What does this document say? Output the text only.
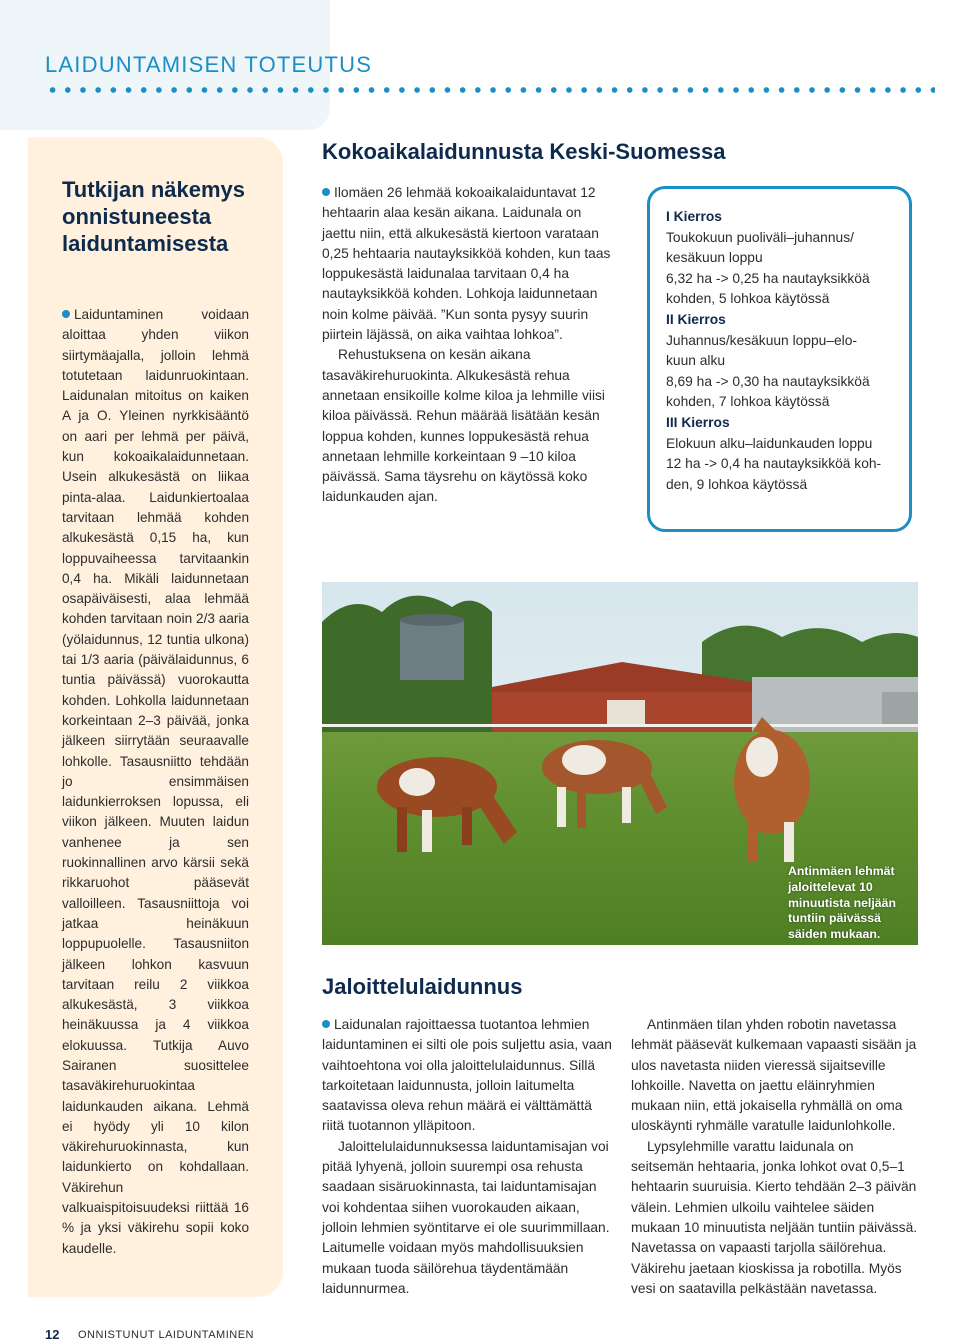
LAIDUNTAMISEN TOTEUTUS
Tutkijan näkemys onnistuneesta laiduntamisesta
Laiduntaminen voidaan aloittaa yhden viikon siirtymäajalla, jolloin lehmä totutetaan laidunruokintaan. Laidunalan mitoitus on kaiken A ja O. Yleinen nyrkkisääntö on aari per lehmä per päivä, kun kokoaikalaidunnetaan. Usein alkukesästä on liikaa pinta-alaa. Laidunkiertoalaa tarvitaan lehmää kohden alkukesästä 0,15 ha, kun loppuvaiheessa tarvitaankin 0,4 ha. Mikäli laidunnetaan osapäiväisesti, alaa lehmää kohden tarvitaan noin 2/3 aaria (yölaidunnus, 12 tuntia ulkona) tai 1/3 aaria (päivälaidunnus, 6 tuntia päivässä) vuorokautta kohden. Lohkolla laidunnetaan korkeintaan 2–3 päivää, jonka jälkeen siirrytään seuraavalle lohkolle. Tasausniitto tehdään jo ensimmäisen laidunkierroksen lopussa, eli viikon jälkeen. Muuten laidun vanhenee ja sen ruokinnallinen arvo kärsii sekä rikkaruohot pääsevät valloilleen. Tasausniittoja voi jatkaa heinäkuun loppupuolelle. Tasausniiton jälkeen lohkon kasvuun tarvitaan reilu 2 viikkoa alkukesästä, 3 viikkoa heinäkuussa ja 4 viikkoa elokuussa. Tutkija Auvo Sairanen suosittelee tasaväkirehuruokintaa laidunkauden aikana. Lehmä ei hyödy yli 10 kilon väkirehuruokinnasta, kun laidunkierto on kohdallaan. Väkirehun valkuaispitoisuudeksi riittää 16 % ja yksi väkirehu sopii koko kaudelle.
Kokoaikalaidunnusta Keski-Suomessa

Ilomäen 26 lehmää kokoaikalaiduntavat 12 hehtaarin alaa kesän aikana. Laidunala on jaettu niin, että alkukesästä kiertoon varataan 0,25 hehtaaria nautayksikköä kohden, kun taas loppukesästä laidunalaa tarvitaan 0,4 ha nautayksikköä kohden. Lohkoja laidunnetaan noin kolme päivää. ”Kun sonta pysyy suurin piirtein läjässä, on aika vaihtaa lohkoa”.

Rehustuksena on kesän aikana tasaväkirehuruokinta. Alkukesästä rehua annetaan ensikoille kolme kiloa ja lehmille viisi kiloa päivässä. Rehun määrää lisätään kesän loppua kohden, kunnes loppukesästä rehua annetaan lehmille korkeintaan 9 –10 kiloa päivässä. Sama täysrehu on käytössä koko laidunkauden ajan.

I Kierros
Toukokuun puoliväli–juhannus/
kesäkuun loppu
6,32 ha -> 0,25 ha nautayksikköä
kohden, 5 lohkoa käytössä
II Kierros
Juhannus/kesäkuun loppu–elo-
kuun alku
8,69 ha -> 0,30 ha nautayksikköä
kohden, 7 lohkoa käytössä
III Kierros
Elokuun alku–laidunkauden loppu
12 ha -> 0,4 ha nautayksikköä koh-
den, 9 lohkoa käytössä
Antinmäen lehmät jaloittelevat 10 minuutista neljään tuntiin päivässä säiden mukaan.
Jaloittelulaidunnus

Laidunalan rajoittaessa tuotantoa lehmien laiduntaminen ei silti ole pois suljettu asia, vaan vaihtoehtona voi olla jaloittelulaidunnus. Sillä tarkoitetaan laidunnusta, jolloin laitumelta saatavissa oleva rehun määrä ei välttämättä riitä tuotannon ylläpitoon.

Jaloittelulaidunnuksessa laiduntamisajan voi pitää lyhyenä, jolloin suurempi osa rehusta saadaan sisäruokinnasta, tai laiduntamisajan voi kohdentaa siihen vuorokauden aikaan, jolloin lehmien syöntitarve ei ole suurimmillaan. Laitumelle voidaan myös mahdollisuuksien mukaan tuoda säilörehua täydentämään laidunnurmea.

Antinmäen tilan yhden robotin navetassa lehmät pääsevät kulkemaan vapaasti sisään ja ulos navetasta niiden vieressä sijaitseville lohkoille. Navetta on jaettu eläinryhmien mukaan niin, että jokaisella ryhmällä on oma uloskäynti ryhmälle varatulle laidunlohkolle.

Lypsylehmille varattu laidunala on seitsemän hehtaaria, jonka lohkot ovat 0,5–1 hehtaarin suuruisia. Kierto tehdään 2–3 päivän välein. Lehmien ulkoilu vaihtelee säiden mukaan 10 minuutista neljään tuntiin päivässä. Navetassa on vapaasti tarjolla säilörehua. Väkirehu jaetaan kioskissa ja robotilla. Myös vesi on saatavilla pelkästään navetassa.

12 ONNISTUNUT LAIDUNTAMINEN
